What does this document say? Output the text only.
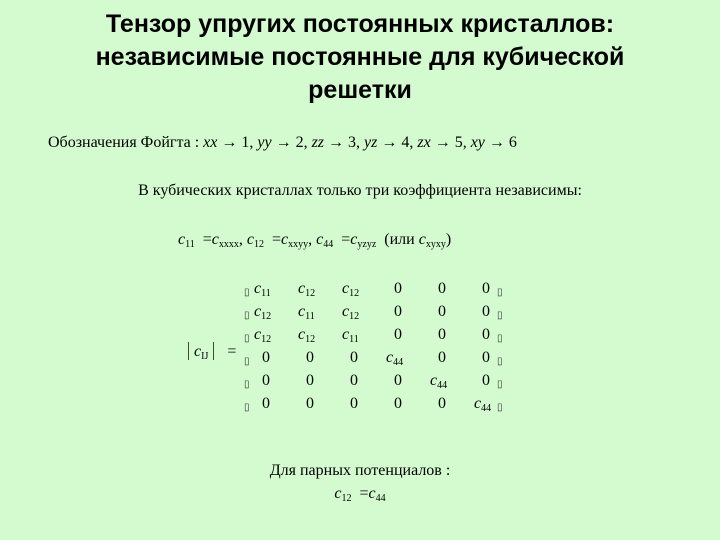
Тензор упругих постоянных кристаллов:
независимые постоянные для кубической
решетки
Обозначения Фойгта : xx → 1, yy → 2, zz → 3, yz → 4, zx → 5, xy → 6
В кубических кристаллах только три коэффициента независимы:
$c_{11} =c_{xxxx}$, $c_{12} =c_{xxyy}$, $c_{44} =c_{yzyz}$ (или $c_{xyxy}$)
$c_{IJ}$  =
▯
▯
▯
▯
▯
▯
▯
▯
▯
▯
▯
▯
$c_{11}$	$c_{12}$	$c_{12}$	0	0	0
$c_{12}$	$c_{11}$	$c_{12}$	0	0	0
$c_{12}$	$c_{12}$	$c_{11}$	0	0	0
0	0	0	$c_{44}$	0	0
0	0	0	0	$c_{44}$	0
0	0	0	0	0	$c_{44}$
Для парных потенциалов :
$c_{12} =c_{44}$
